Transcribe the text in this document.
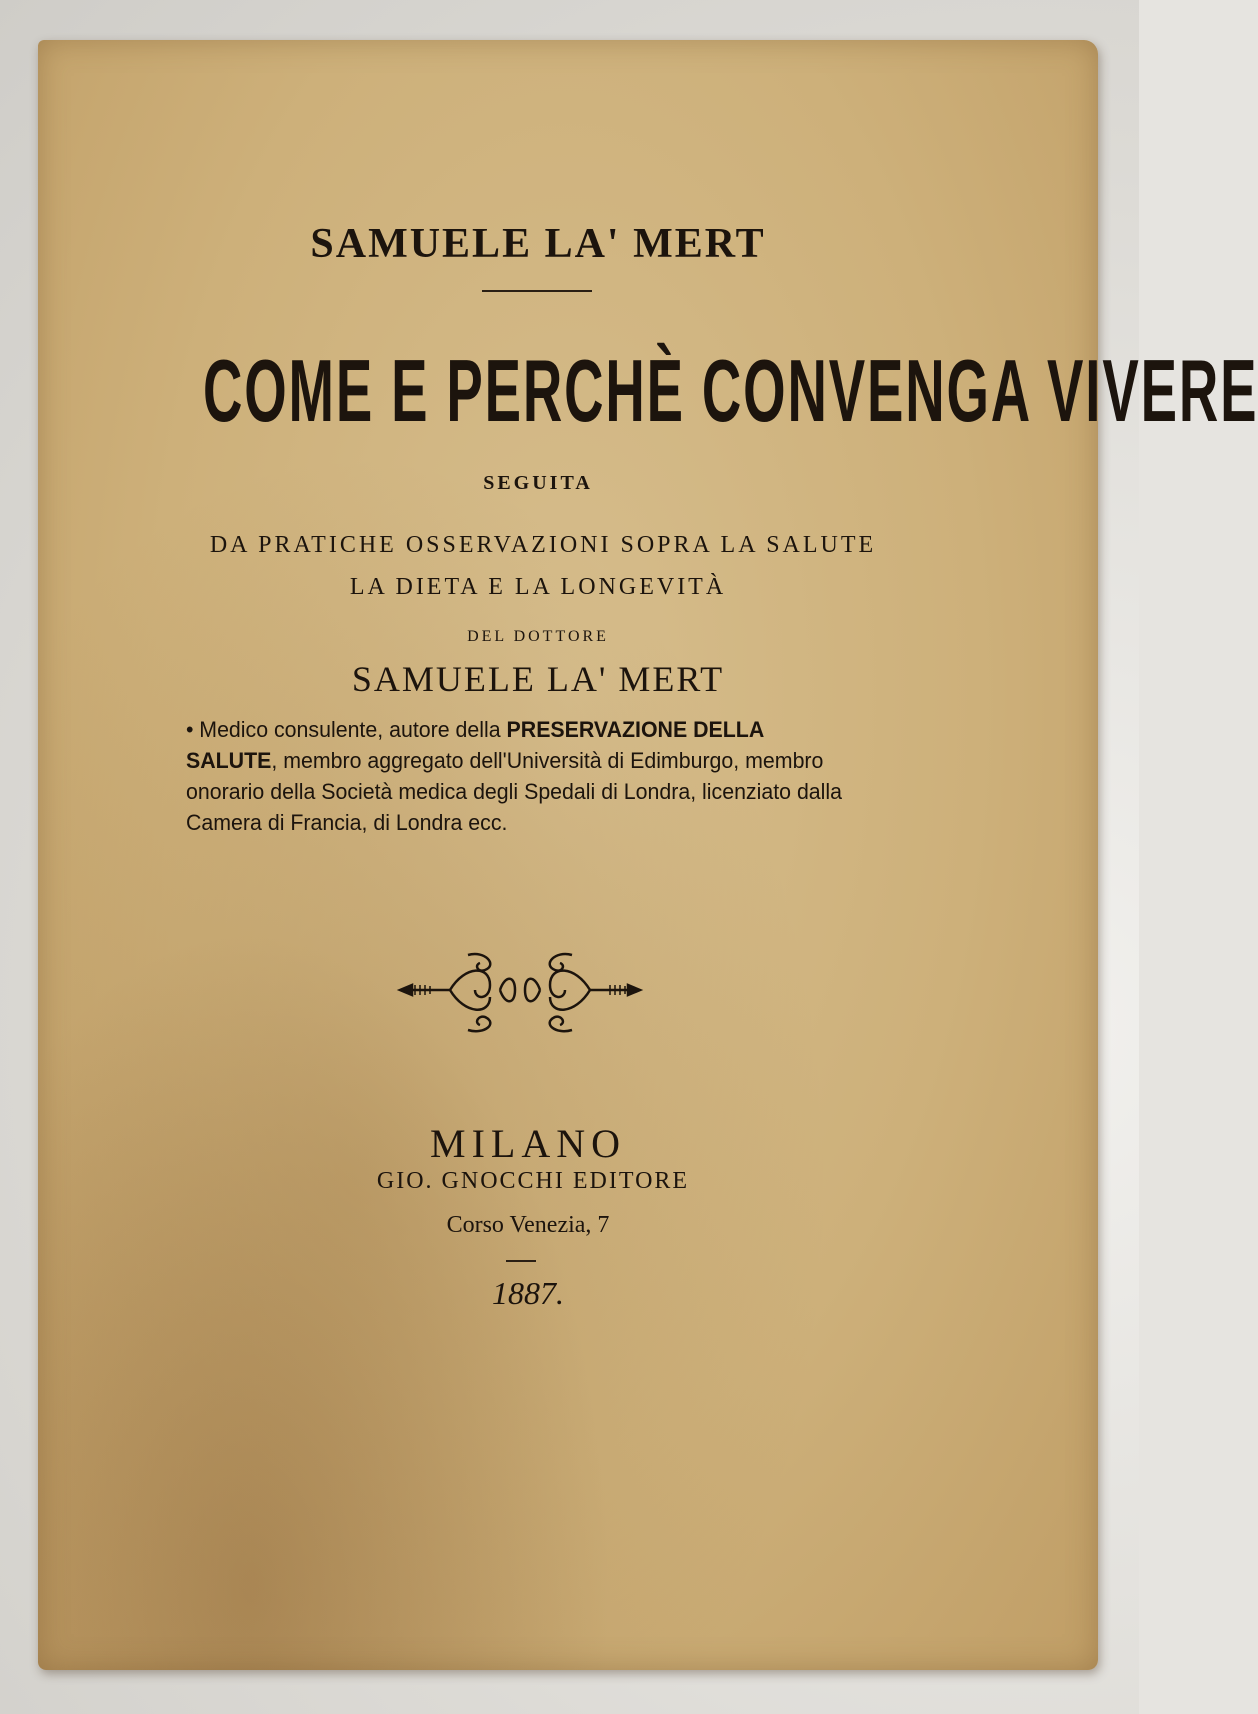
SAMUELE LA' MERT
COME E PERCHÈ CONVENGA VIVERE
SEGUITA
DA PRATICHE OSSERVAZIONI SOPRA LA SALUTE
LA DIETA E LA LONGEVITÀ
DEL DOTTORE
SAMUELE LA' MERT
• Medico consulente, autore della PRESERVAZIONE DELLA SALUTE, membro aggregato dell'Università di Edimburgo, membro onorario della Società medica degli Spedali di Londra, licenziato dalla Camera di Francia, di Londra ecc.
MILANO
GIO. GNOCCHI EDITORE
Corso Venezia, 7
1887.
